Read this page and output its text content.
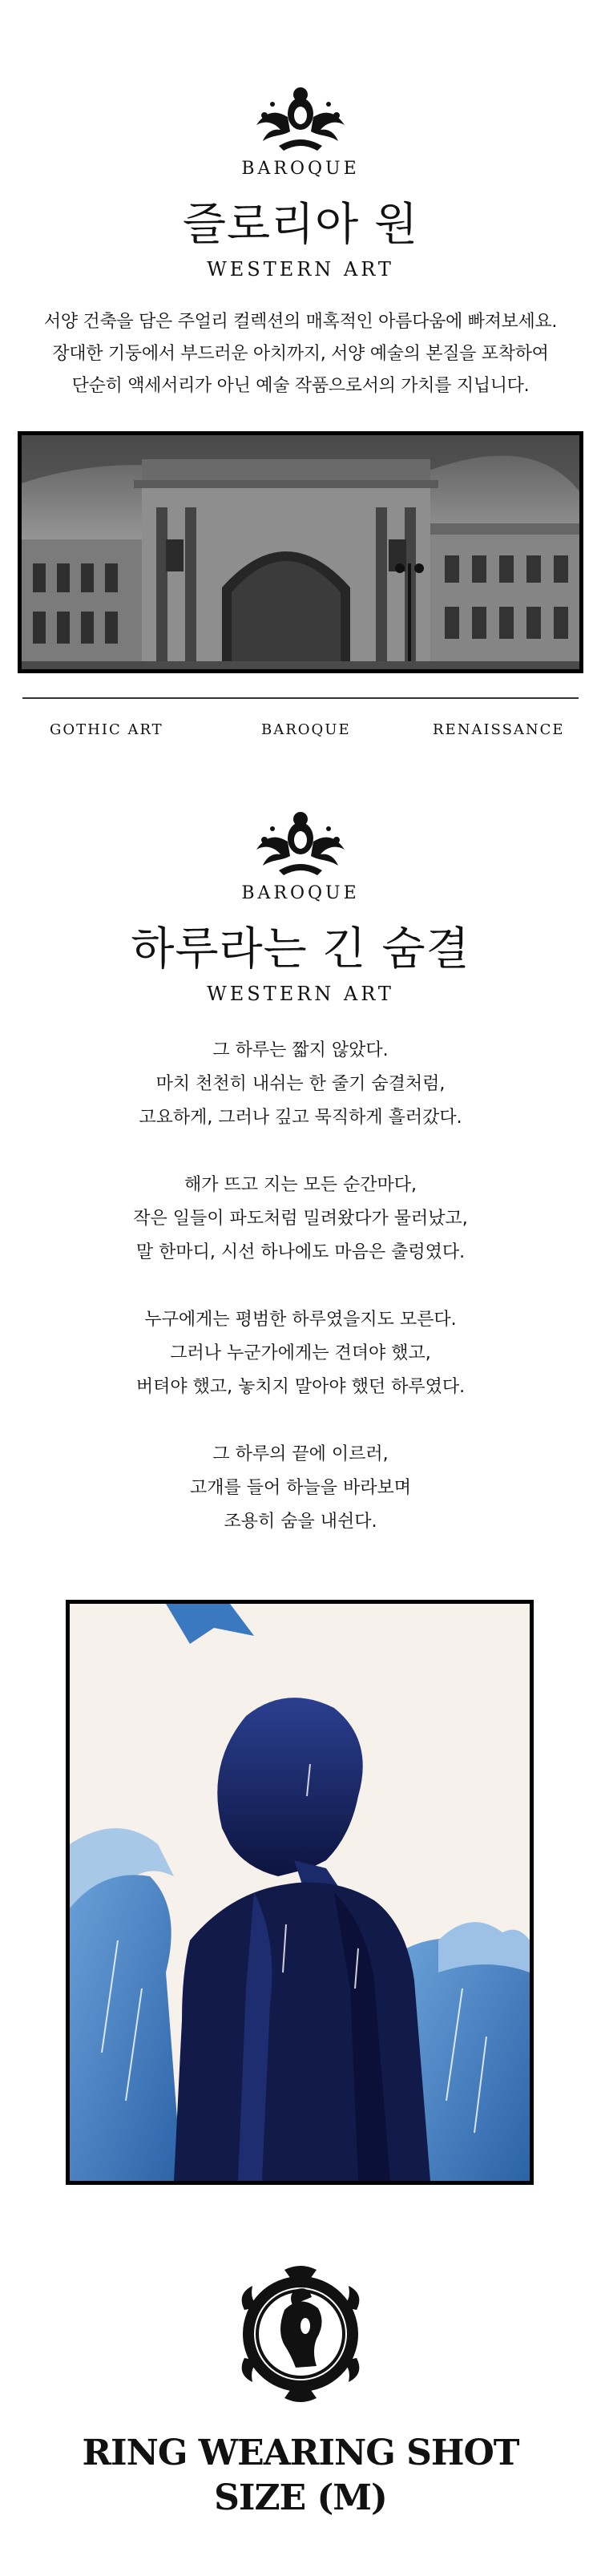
BAROQUE
즐로리아 원
WESTERN ART
서양 건축을 담은 주얼리 컬렉션의 매혹적인 아름다움에 빠져보세요.
장대한 기둥에서 부드러운 아치까지, 서양 예술의 본질을 포착하여
단순히 액세서리가 아닌 예술 작품으로서의 가치를 지닙니다.
GOTHIC ART	BAROQUE	RENAISSANCE
BAROQUE
하루라는 긴 숨결
WESTERN ART

그 하루는 짧지 않았다.

마치 천천히 내쉬는 한 줄기 숨결처럼,

고요하게, 그러나 깊고 묵직하게 흘러갔다.

해가 뜨고 지는 모든 순간마다,

작은 일들이 파도처럼 밀려왔다가 물러났고,

말 한마디, 시선 하나에도 마음은 출렁였다.

누구에게는 평범한 하루였을지도 모른다.

그러나 누군가에게는 견뎌야 했고,

버텨야 했고, 놓치지 말아야 했던 하루였다.

그 하루의 끝에 이르러,

고개를 들어 하늘을 바라보며

조용히 숨을 내쉰다.

RING WEARING SHOT
SIZE (M)
